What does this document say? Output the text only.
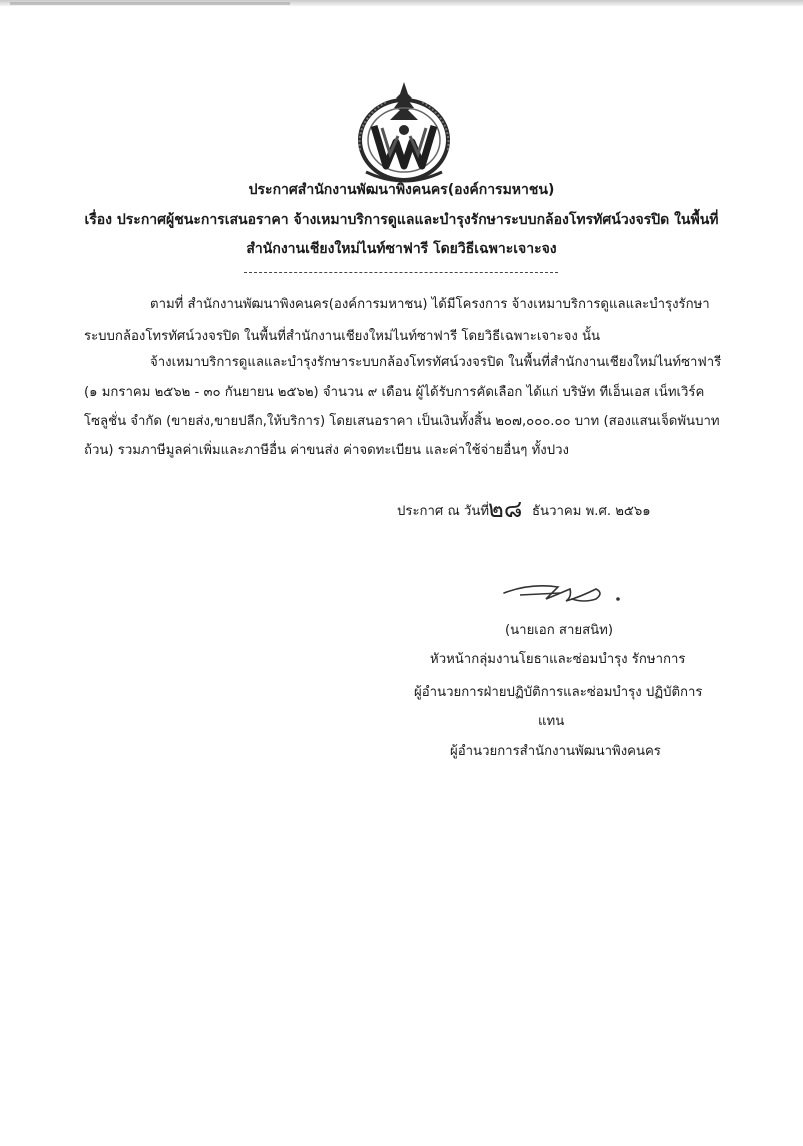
ประกาศสำนักงานพัฒนาพิงคนคร(องค์การมหาชน)
เรื่อง ประกาศผู้ชนะการเสนอราคา จ้างเหมาบริการดูแลและบำรุงรักษาระบบกล้องโทรทัศน์วงจรปิด ในพื้นที่
สำนักงานเชียงใหม่ไนท์ซาฟารี โดยวิธีเฉพาะเจาะจง
ตามที่ สำนักงานพัฒนาพิงคนคร(องค์การมหาชน) ได้มีโครงการ จ้างเหมาบริการดูแลและบำรุงรักษา
ระบบกล้องโทรทัศน์วงจรปิด ในพื้นที่สำนักงานเชียงใหม่ไนท์ซาฟารี โดยวิธีเฉพาะเจาะจง นั้น
จ้างเหมาบริการดูแลและบำรุงรักษาระบบกล้องโทรทัศน์วงจรปิด ในพื้นที่สำนักงานเชียงใหม่ไนท์ซาฟารี
(๑ มกราคม ๒๕๖๒ - ๓๐ กันยายน ๒๕๖๒) จำนวน ๙ เดือน ผู้ได้รับการคัดเลือก ได้แก่ บริษัท ทีเอ็นเอส เน็ทเวิร์ค
โซลูชั่น จำกัด (ขายส่ง,ขายปลีก,ให้บริการ) โดยเสนอราคา เป็นเงินทั้งสิ้น ๒๐๗,๐๐๐.๐๐ บาท (สองแสนเจ็ดพันบาท
ถ้วน) รวมภาษีมูลค่าเพิ่มและภาษีอื่น ค่าขนส่ง ค่าจดทะเบียน และค่าใช้จ่ายอื่นๆ ทั้งปวง
ประกาศ ณ วันที่
๒๘ ธันวาคม พ.ศ. ๒๕๖๑
(นายเอก สายสนิท)
หัวหน้ากลุ่มงานโยธาและซ่อมบำรุง รักษาการ
ผู้อำนวยการฝ่ายปฏิบัติการและซ่อมบำรุง ปฏิบัติการ
แทน
ผู้อำนวยการสำนักงานพัฒนาพิงคนคร
